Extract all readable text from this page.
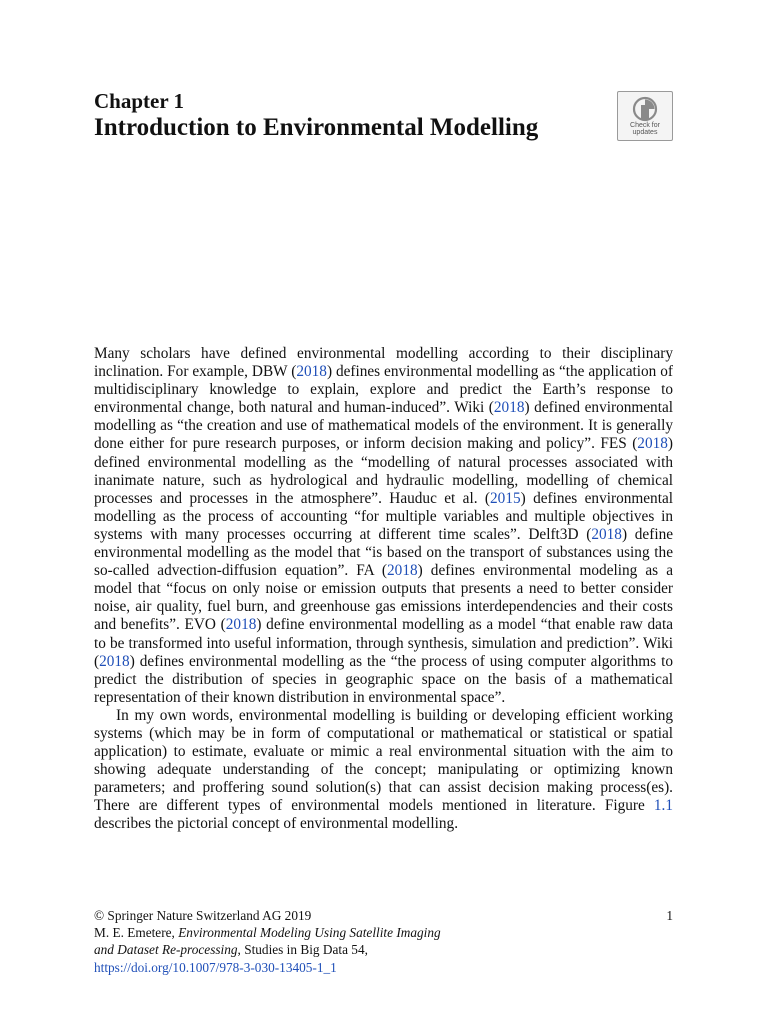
Chapter 1
Introduction to Environmental Modelling	Check for
updates

Many scholars have defined environmental modelling according to their disciplinary inclination. For example, DBW (2018) defines environmental modelling as “the application of multidisciplinary knowledge to explain, explore and predict the Earth’s response to environmental change, both natural and human-induced”. Wiki (2018) defined environmental modelling as “the creation and use of mathematical models of the environment. It is generally done either for pure research purposes, or inform decision making and policy”. FES (2018) defined environmental modelling as the “modelling of natural processes associated with inanimate nature, such as hydrological and hydraulic modelling, modelling of chemical processes and processes in the atmosphere”. Hauduc et al. (2015) defines environmental modelling as the process of accounting “for multiple variables and multiple objectives in systems with many processes occurring at different time scales”. Delft3D (2018) define environmental modelling as the model that “is based on the transport of substances using the so-called advection-diffusion equation”. FA (2018) defines environmental modeling as a model that “focus on only noise or emission outputs that presents a need to better consider noise, air quality, fuel burn, and greenhouse gas emissions interdependencies and their costs and benefits”. EVO (2018) define environmental modelling as a model “that enable raw data to be transformed into useful information, through synthesis, simulation and prediction”. Wiki (2018) defines environmental modelling as the “the process of using computer algorithms to predict the distribution of species in geographic space on the basis of a mathematical representation of their known distribution in environmental space”.

In my own words, environmental modelling is building or developing efficient working systems (which may be in form of computational or mathematical or statistical or spatial application) to estimate, evaluate or mimic a real environmental situation with the aim to showing adequate understanding of the concept; manipulating or optimizing known parameters; and proffering sound solution(s) that can assist decision making process(es). There are different types of environmental models mentioned in literature. Figure 1.1 describes the pictorial concept of environmental modelling.

© Springer Nature Switzerland AG 2019	1
M. E. Emetere, Environmental Modeling Using Satellite Imaging
and Dataset Re-processing, Studies in Big Data 54,
https://doi.org/10.1007/978-3-030-13405-1_1
